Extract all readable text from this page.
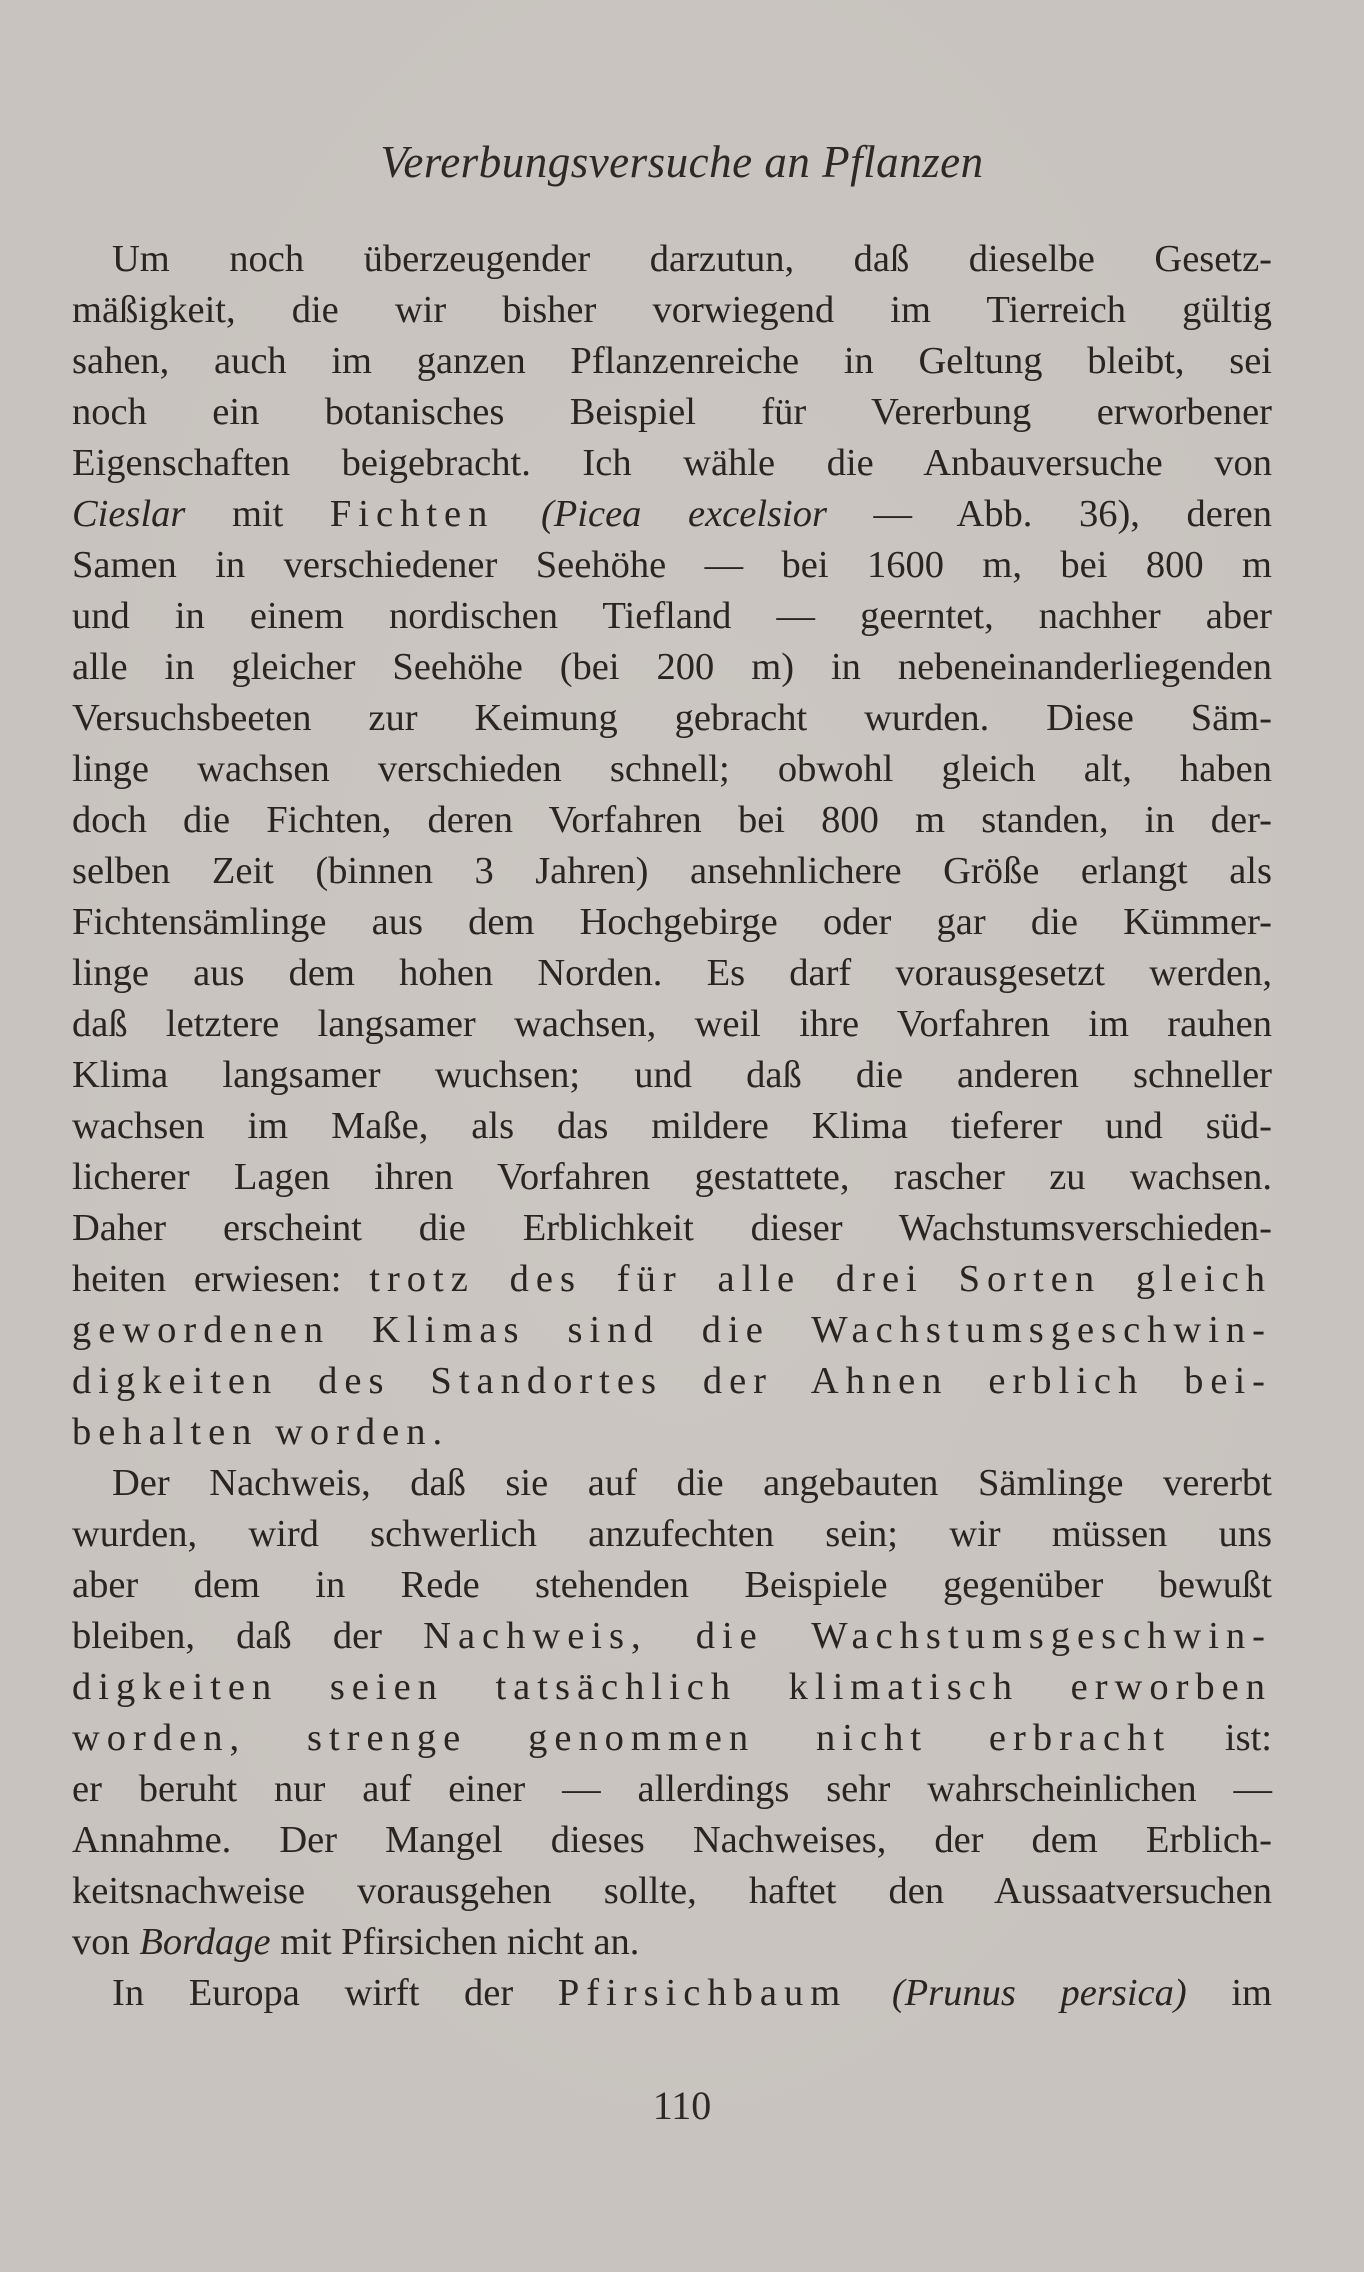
Vererbungsversuche an Pflanzen
Um noch überzeugender darzutun, daß dieselbe Gesetz-
mäßigkeit, die wir bisher vorwiegend im Tierreich gültig
sahen, auch im ganzen Pflanzenreiche in Geltung bleibt, sei
noch ein botanisches Beispiel für Vererbung erworbener
Eigenschaften beigebracht. Ich wähle die Anbauversuche von
Cieslar mit Fichten (Picea excelsior — Abb. 36), deren
Samen in verschiedener Seehöhe — bei 1600 m, bei 800 m
und in einem nordischen Tiefland — geerntet, nachher aber
alle in gleicher Seehöhe (bei 200 m) in nebeneinanderliegenden
Versuchsbeeten zur Keimung gebracht wurden. Diese Säm-
linge wachsen verschieden schnell; obwohl gleich alt, haben
doch die Fichten, deren Vorfahren bei 800 m standen, in der-
selben Zeit (binnen 3 Jahren) ansehnlichere Größe erlangt als
Fichtensämlinge aus dem Hochgebirge oder gar die Kümmer-
linge aus dem hohen Norden. Es darf vorausgesetzt werden,
daß letztere langsamer wachsen, weil ihre Vorfahren im rauhen
Klima langsamer wuchsen; und daß die anderen schneller
wachsen im Maße, als das mildere Klima tieferer und süd-
licherer Lagen ihren Vorfahren gestattete, rascher zu wachsen.
Daher erscheint die Erblichkeit dieser Wachstumsverschieden-
heiten erwiesen: trotz des für alle drei Sorten gleich
gewordenen Klimas sind die Wachstumsgeschwin-
digkeiten des Standortes der Ahnen erblich bei-
behalten worden.
Der Nachweis, daß sie auf die angebauten Sämlinge vererbt
wurden, wird schwerlich anzufechten sein; wir müssen uns
aber dem in Rede stehenden Beispiele gegenüber bewußt
bleiben, daß der Nachweis, die Wachstumsgeschwin-
digkeiten seien tatsächlich klimatisch erworben
worden, strenge genommen nicht erbracht ist:
er beruht nur auf einer — allerdings sehr wahrscheinlichen —
Annahme. Der Mangel dieses Nachweises, der dem Erblich-
keitsnachweise vorausgehen sollte, haftet den Aussaatversuchen
von Bordage mit Pfirsichen nicht an.
In Europa wirft der Pfirsichbaum (Prunus persica) im
110
